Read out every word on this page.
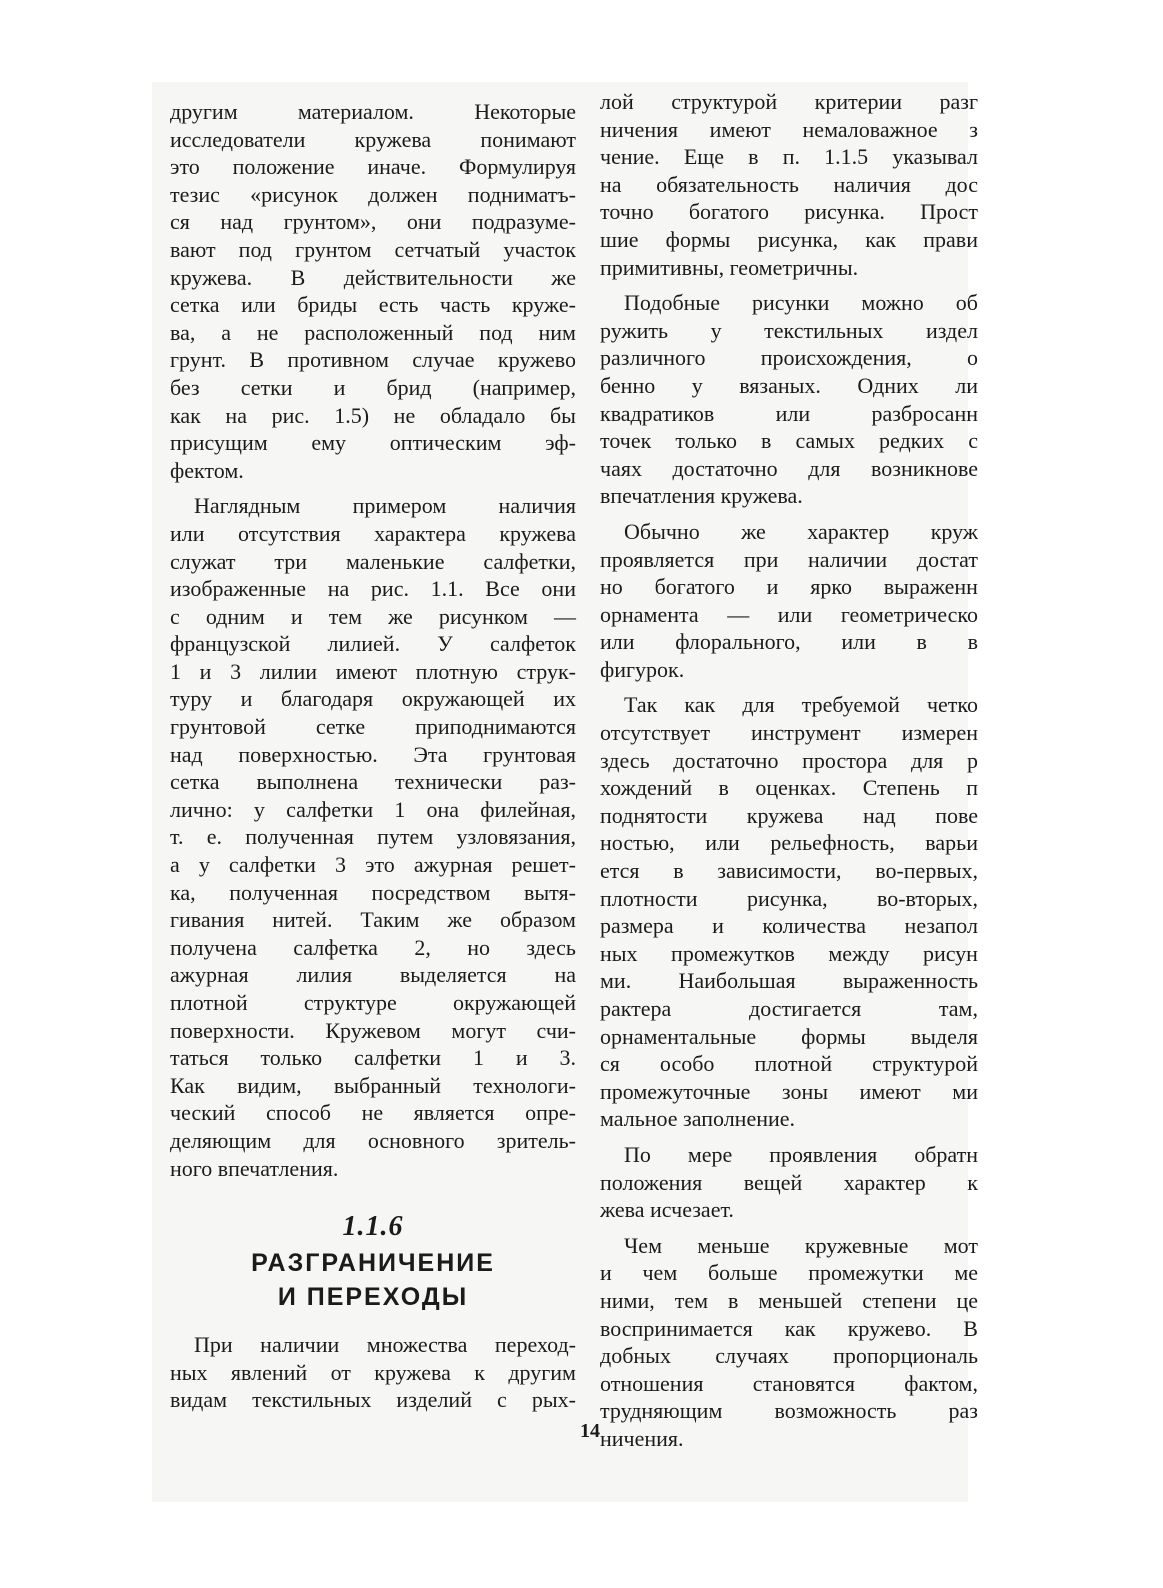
другим	материалом.	Некоторые
исследователи кружева понимают
это положение иначе. Формулируя
тезис «рисунок должен подниматъ-
ся над грунтом», они подразуме-
вают под грунтом сетчатый участок
кружева. В действительности же
сетка или бриды есть часть круже-
ва, а не расположенный под ним
грунт. В противном случае кружево
без сетки и брид (например,
как на рис. 1.5) не обладало бы
присущим ему оптическим эф-
фектом.
Наглядным примером наличия
или отсутствия характера кружева
служат три маленькие салфетки,
изображенные на рис. 1.1. Все они
с одним и тем же рисунком —
французской лилией. У салфеток
1 и 3 лилии имеют плотную струк-
туру и благодаря окружающей их
грунтовой сетке приподнимаются
над поверхностью. Эта грунтовая
сетка выполнена технически раз-
лично: у салфетки 1 она филейная,
т. е. полученная путем узловязания,
а у салфетки 3 это ажурная решет-
ка, полученная посредством вытя-
гивания нитей. Таким же образом
получена салфетка 2, но здесь
ажурная лилия выделяется на
плотной	структуре	окружающей
поверхности. Кружевом могут счи-
таться только салфетки 1 и 3.
Как видим, выбранный технологи-
ческий способ не является опре-
деляющим для основного зритель-
ного впечатления.
1.1.6
РАЗГРАНИЧЕНИЕ
И ПЕРЕХОДЫ
При наличии множества переход-
ных явлений от кружева к другим
видам текстильных изделий с рых-
лой структурой критерии разг
ничения имеют немаловажное з
чение. Еще в п. 1.1.5 указывал
на обязательность наличия дос
точно богатого рисунка. Прост
шие формы рисунка, как прави
примитивны, геометричны.
Подобные рисунки можно об
ружить у текстильных издел
различного	происхождения,	о
бенно у вязаных. Одних ли
квадратиков	или	разбросанн
точек только в самых редких с
чаях достаточно для возникнове
впечатления кружева.
Обычно же характер круж
проявляется при наличии достат
но богатого и ярко выраженн
орнамента — или геометрическо
или флорального, или в в
фигурок.
Так как для требуемой четко
отсутствует инструмент измерен
здесь достаточно простора для р
хождений в оценках. Степень п
поднятости кружева над пове
ностью, или рельефность, варьи
ется в зависимости, во-первых,
плотности рисунка, во-вторых,
размера и количества незапол
ных промежутков между рисун
ми. Наибольшая выраженность
рактера	достигается	там,
орнаментальные формы выделя
ся особо плотной структурой
промежуточные зоны имеют ми
мальное заполнение.
По мере проявления обратн
положения вещей характер к
жева исчезает.
Чем меньше кружевные мот
и чем больше промежутки ме
ними, тем в меньшей степени це
воспринимается как кружево. В
добных случаях пропорциональ
отношения становятся фактом,
трудняющим возможность раз
ничения.
14
